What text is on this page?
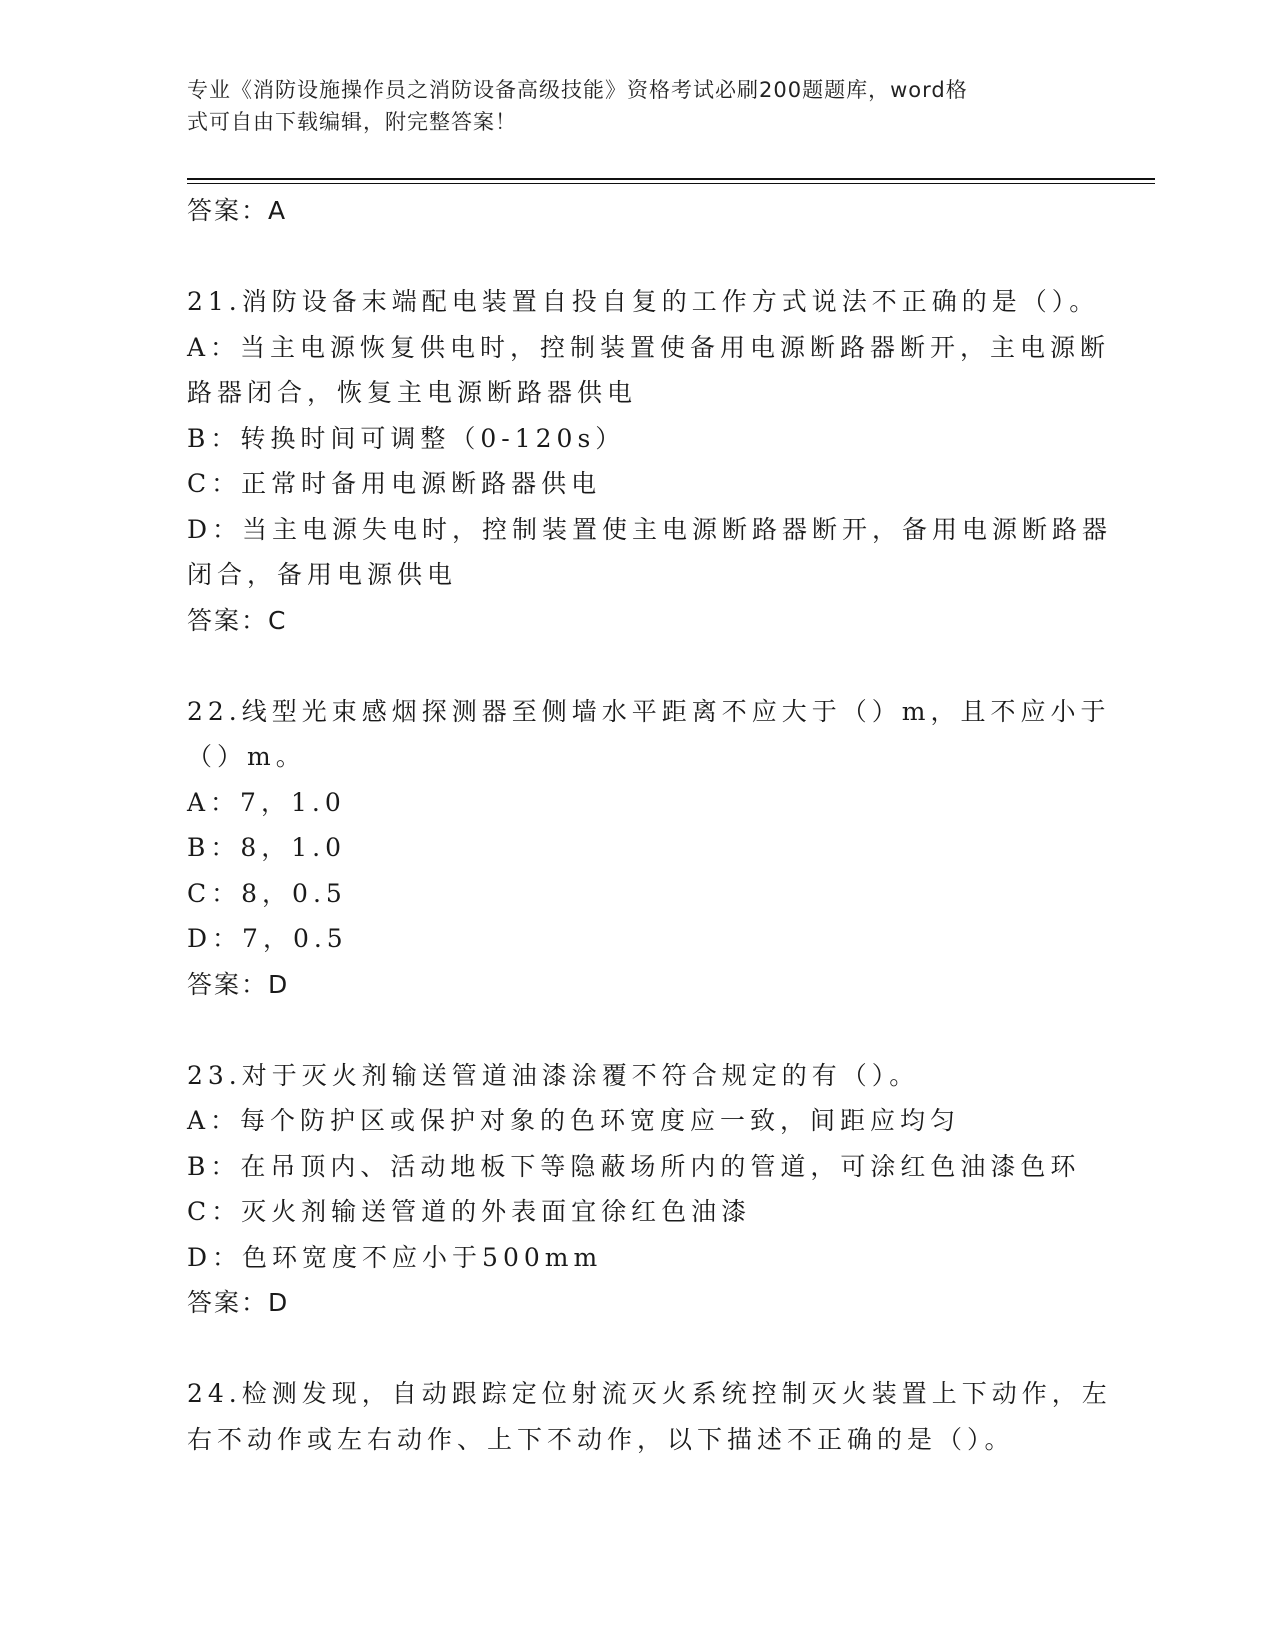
专业《消防设施操作员之消防设备高级技能》资格考试必刷200题题库，word格
式可自由下载编辑，附完整答案！
答案：A
21.消防设备末端配电装置自投自复的工作方式说法不正确的是（）。
A：当主电源恢复供电时，控制装置使备用电源断路器断开，主电源断
路器闭合，恢复主电源断路器供电
B：转换时间可调整（0-120s）
C：正常时备用电源断路器供电
D：当主电源失电时，控制装置使主电源断路器断开，备用电源断路器
闭合，备用电源供电
答案：C
22.线型光束感烟探测器至侧墙水平距离不应大于（）m，且不应小于
（）m。
A：7，1.0
B：8，1.0
C：8，0.5
D：7，0.5
答案：D
23.对于灭火剂输送管道油漆涂覆不符合规定的有（）。
A：每个防护区或保护对象的色环宽度应一致，间距应均匀
B：在吊顶内、活动地板下等隐蔽场所内的管道，可涂红色油漆色环
C：灭火剂输送管道的外表面宜徐红色油漆
D：色环宽度不应小于500mm
答案：D
24.检测发现，自动跟踪定位射流灭火系统控制灭火装置上下动作，左
右不动作或左右动作、上下不动作，以下描述不正确的是（）。
